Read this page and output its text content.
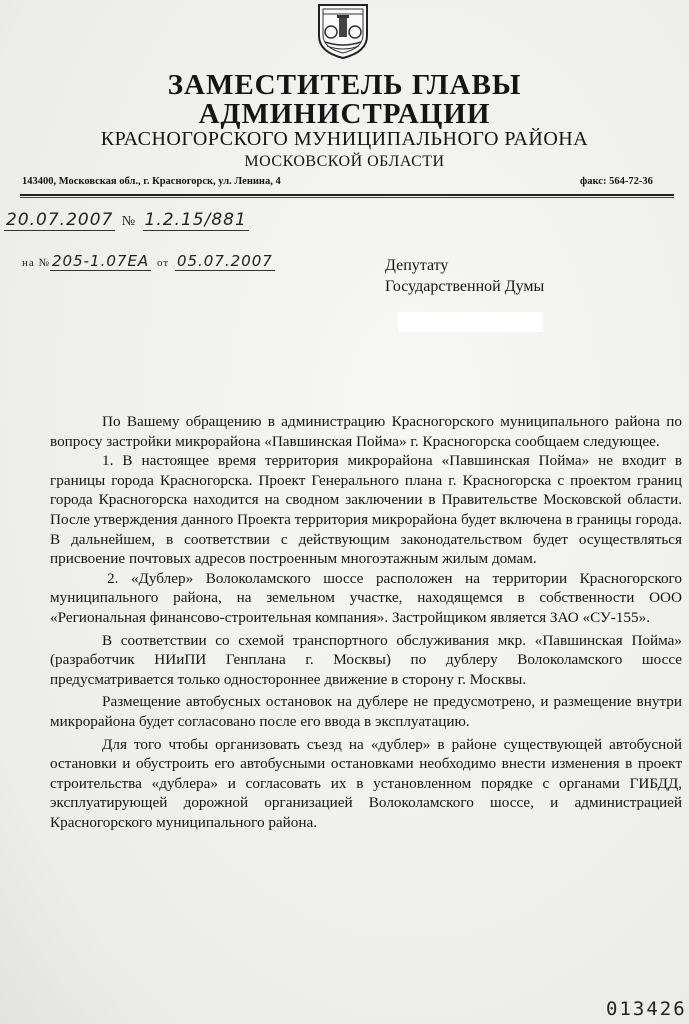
ЗАМЕСТИТЕЛЬ ГЛАВЫ
АДМИНИСТРАЦИИ
КРАСНОГОРСКОГО МУНИЦИПАЛЬНОГО РАЙОНА
МОСКОВСКОЙ ОБЛАСТИ
143400, Московская обл., г. Красногорск, ул. Ленина, 4	факс: 564-72-36
20.07.2007 № 1.2.15/881
на № 205-1.07ЕА от 05.07.2007	Депутату
Государственной Думы

По Вашему обращению в администрацию Красногорского муниципального района по вопросу застройки микрорайона «Павшинская Пойма» г. Красногорска сообщаем следующее.

1. В настоящее время территория микрорайона «Павшинская Пойма» не входит в границы города Красногорска. Проект Генерального плана г. Красногорска с проектом границ города Красногорска находится на сводном заключении в Правительстве Московской области. После утверждения данного Проекта территория микрорайона будет включена в границы города. В дальнейшем, в соответствии с действующим законодательством будет осуществляться присвоение почтовых адресов построенным многоэтажным жилым домам.

2. «Дублер» Волоколамского шоссе расположен на территории Красногорского муниципального района, на земельном участке, находящемся в собственности ООО «Региональная финансово-строительная компания». Застройщиком является ЗАО «СУ-155».

В соответствии со схемой транспортного обслуживания мкр. «Павшинская Пойма» (разработчик НИиПИ Генплана г. Москвы) по дублеру Волоколамского шоссе предусматривается только одностороннее движение в сторону г. Москвы.

Размещение автобусных остановок на дублере не предусмотрено, и размещение внутри микрорайона будет согласовано после его ввода в эксплуатацию.

Для того чтобы организовать съезд на «дублер» в районе существующей автобусной остановки и обустроить его автобусными остановками необходимо внести изменения в проект строительства «дублера» и согласовать их в установленном порядке с органами ГИБДД, эксплуатирующей дорожной организацией Волоколамского шоссе, и администрацией Красногорского муниципального района.

013426
